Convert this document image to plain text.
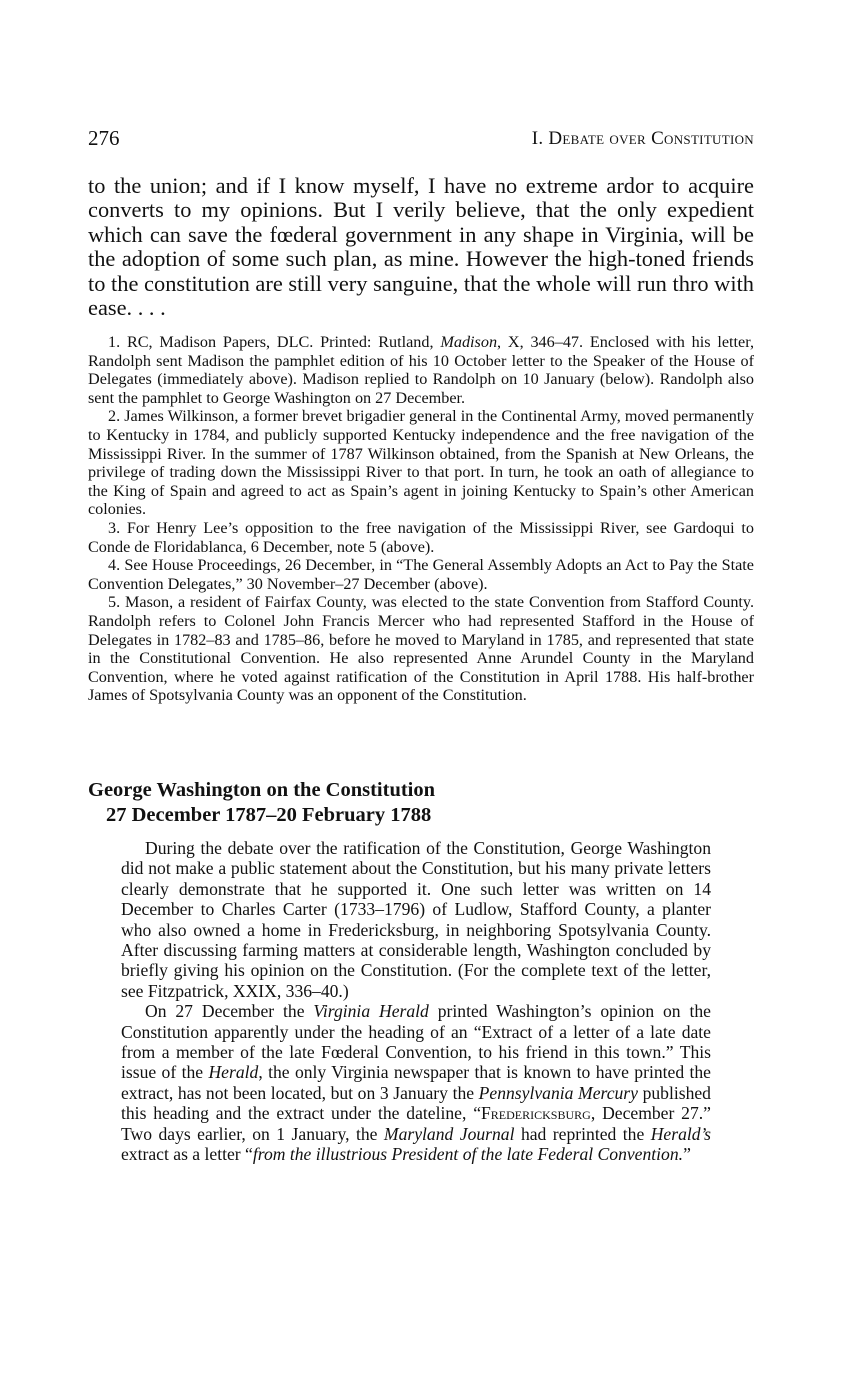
276	I. Debate over Constitution

to the union; and if I know myself, I have no extreme ardor to acquire converts to my opinions. But I verily believe, that the only expedient which can save the fœderal government in any shape in Virginia, will be the adoption of some such plan, as mine. However the high-toned friends to the constitution are still very sanguine, that the whole will run thro with ease. . . .

1. RC, Madison Papers, DLC. Printed: Rutland, Madison, X, 346–47. Enclosed with his letter, Randolph sent Madison the pamphlet edition of his 10 October letter to the Speaker of the House of Delegates (immediately above). Madison replied to Randolph on 10 January (below). Randolph also sent the pamphlet to George Washington on 27 December.

2. James Wilkinson, a former brevet brigadier general in the Continental Army, moved permanently to Kentucky in 1784, and publicly supported Kentucky independence and the free navigation of the Mississippi River. In the summer of 1787 Wilkinson obtained, from the Spanish at New Orleans, the privilege of trading down the Mississippi River to that port. In turn, he took an oath of allegiance to the King of Spain and agreed to act as Spain’s agent in joining Kentucky to Spain’s other American colonies.

3. For Henry Lee’s opposition to the free navigation of the Mississippi River, see Gardoqui to Conde de Floridablanca, 6 December, note 5 (above).

4. See House Proceedings, 26 December, in “The General Assembly Adopts an Act to Pay the State Convention Delegates,” 30 November–27 December (above).

5. Mason, a resident of Fairfax County, was elected to the state Convention from Stafford County. Randolph refers to Colonel John Francis Mercer who had represented Stafford in the House of Delegates in 1782–83 and 1785–86, before he moved to Maryland in 1785, and represented that state in the Constitutional Convention. He also represented Anne Arundel County in the Maryland Convention, where he voted against ratification of the Constitution in April 1788. His half-brother James of Spotsylvania County was an opponent of the Constitution.

George Washington on the Constitution
27 December 1787–20 February 1788

During the debate over the ratification of the Constitution, George Washington did not make a public statement about the Constitution, but his many private letters clearly demonstrate that he supported it. One such letter was written on 14 December to Charles Carter (1733–1796) of Ludlow, Stafford County, a planter who also owned a home in Fredericksburg, in neighboring Spotsylvania County. After discussing farming matters at considerable length, Washington concluded by briefly giving his opinion on the Constitution. (For the complete text of the letter, see Fitzpatrick, XXIX, 336–40.)

On 27 December the Virginia Herald printed Washington’s opinion on the Constitution apparently under the heading of an “Extract of a letter of a late date from a member of the late Fœderal Convention, to his friend in this town.” This issue of the Herald, the only Virginia newspaper that is known to have printed the extract, has not been located, but on 3 January the Pennsylvania Mercury published this heading and the extract under the dateline, “Fredericksburg, December 27.” Two days earlier, on 1 January, the Maryland Journal had reprinted the Herald’s extract as a letter “from the illustrious President of the late Federal Convention.”
